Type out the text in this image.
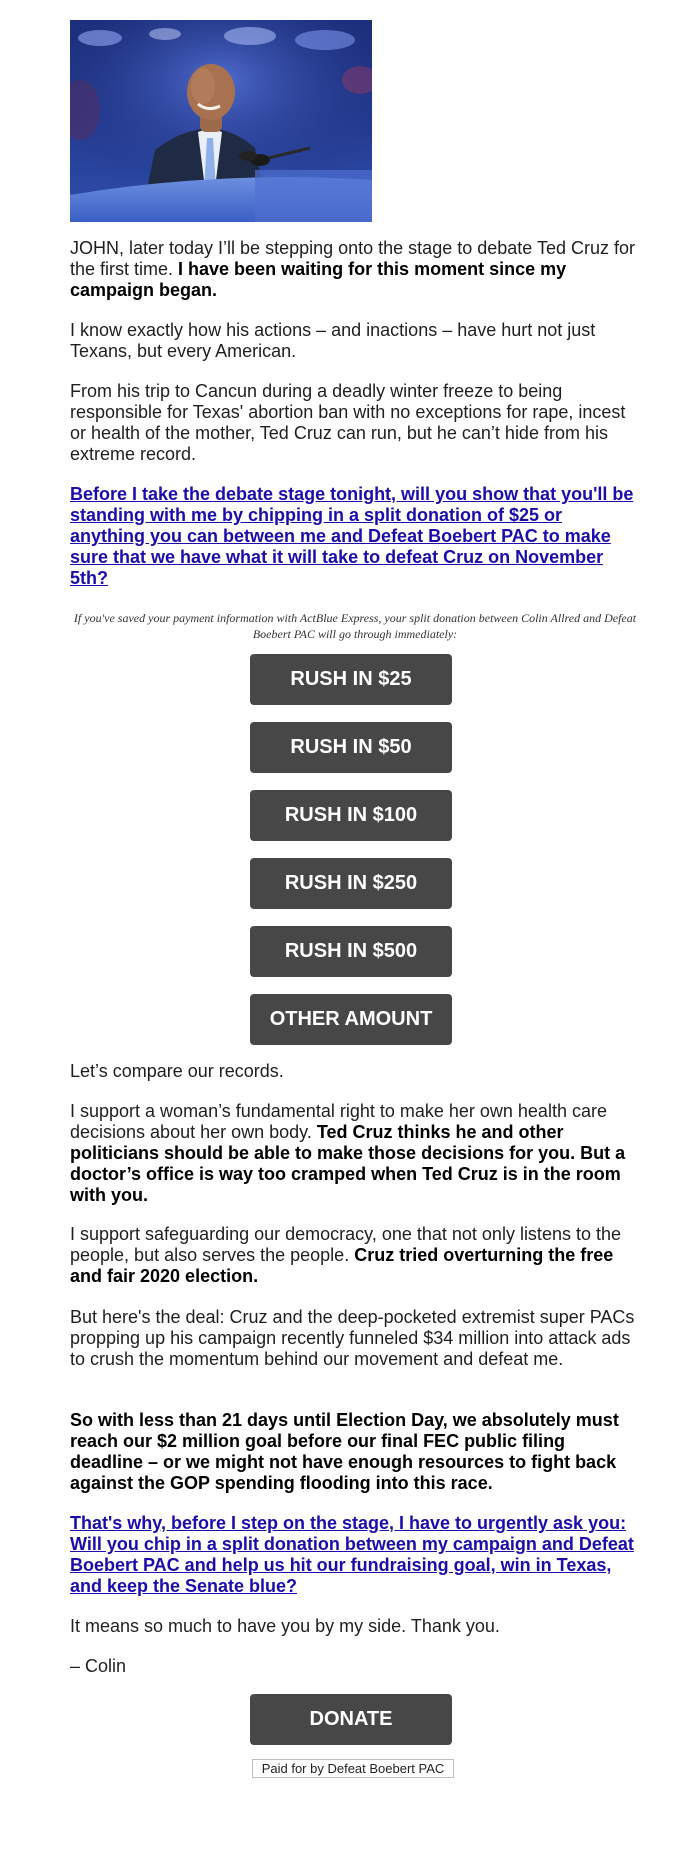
JOHN, later today I’ll be stepping onto the stage to debate Ted Cruz for the first time. I have been waiting for this moment since my campaign began.

I know exactly how his actions – and inactions – have hurt not just Texans, but every American.

From his trip to Cancun during a deadly winter freeze to being responsible for Texas' abortion ban with no exceptions for rape, incest or health of the mother, Ted Cruz can run, but he can’t hide from his extreme record.

Before I take the debate stage tonight, will you show that you'll be standing with me by chipping in a split donation of $25 or anything you can between me and Defeat Boebert PAC to make sure that we have what it will take to defeat Cruz on November 5th?

If you've saved your payment information with ActBlue Express, your split donation between Colin Allred and Defeat Boebert PAC will go through immediately:
RUSH IN $25
RUSH IN $50
RUSH IN $100
RUSH IN $250
RUSH IN $500
OTHER AMOUNT

Let’s compare our records.

I support a woman’s fundamental right to make her own health care decisions about her own body. Ted Cruz thinks he and other politicians should be able to make those decisions for you. But a doctor’s office is way too cramped when Ted Cruz is in the room with you.

I support safeguarding our democracy, one that not only listens to the people, but also serves the people. Cruz tried overturning the free and fair 2020 election.

But here's the deal: Cruz and the deep-pocketed extremist super PACs propping up his campaign recently funneled $34 million into attack ads to crush the momentum behind our movement and defeat me.

So with less than 21 days until Election Day, we absolutely must reach our $2 million goal before our final FEC public filing deadline – or we might not have enough resources to fight back against the GOP spending flooding into this race.

That's why, before I step on the stage, I have to urgently ask you: Will you chip in a split donation between my campaign and Defeat Boebert PAC and help us hit our fundraising goal, win in Texas, and keep the Senate blue?

It means so much to have you by my side. Thank you.

– Colin

DONATE
Paid for by Defeat Boebert PAC
